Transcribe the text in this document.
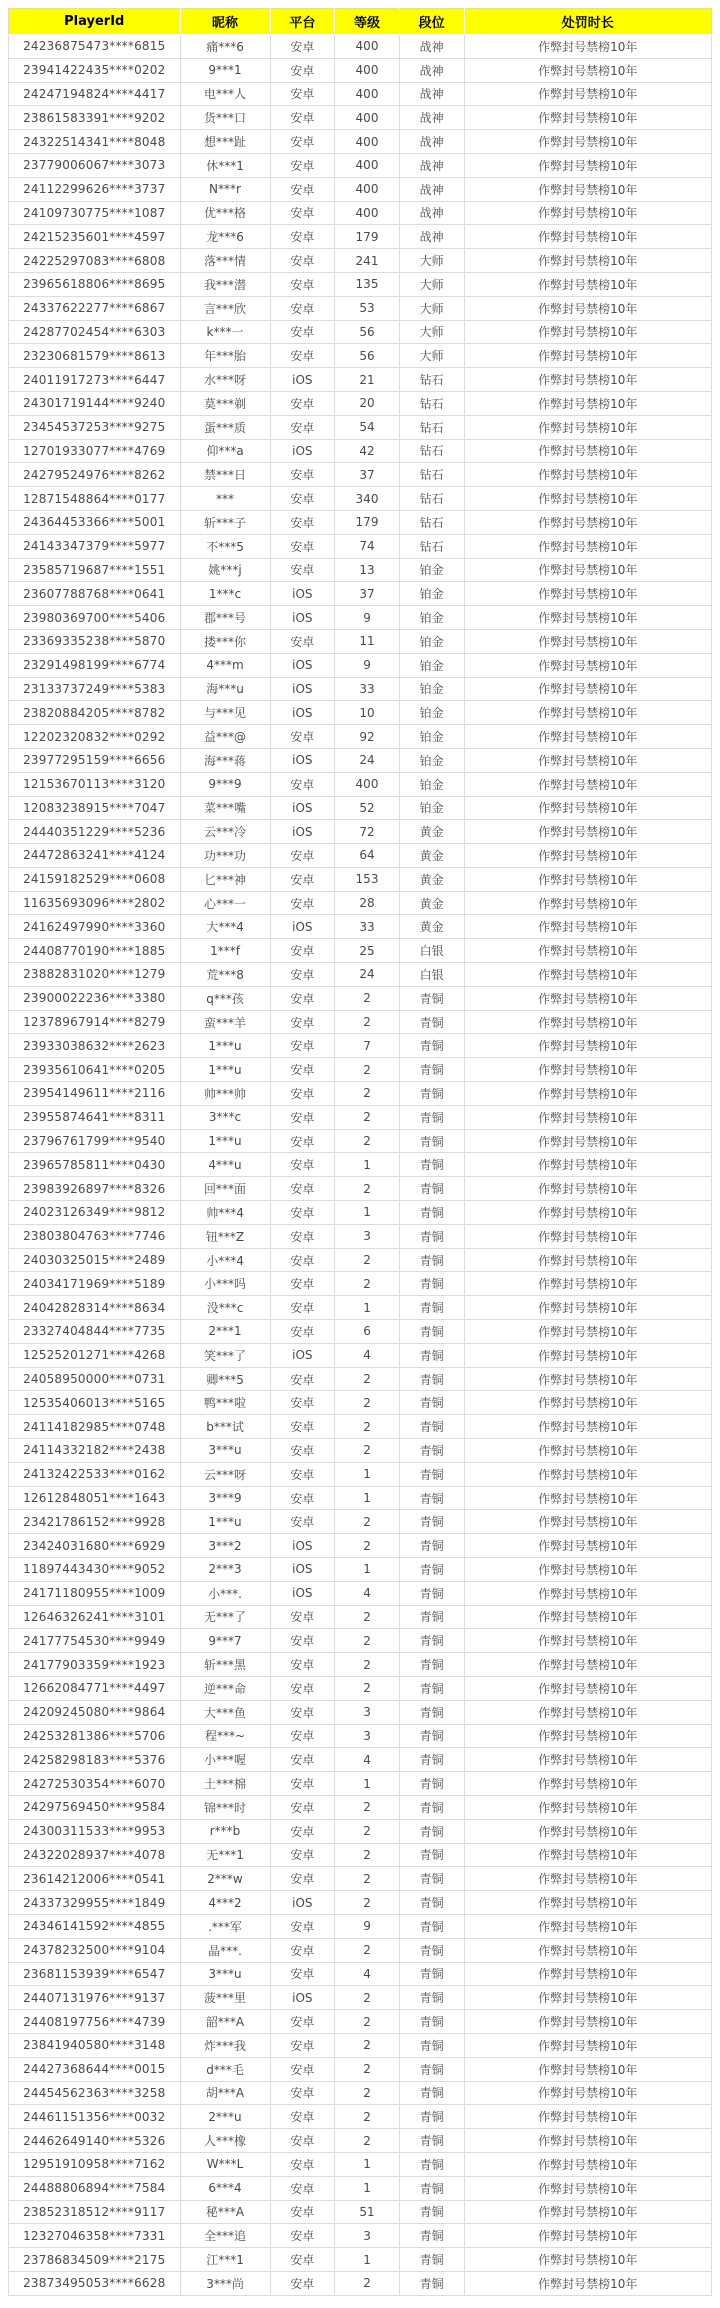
PlayerId	昵称	平台	等级	段位	处罚时长
24236875473****6815	痛***6	安卓	400	战神	作弊封号禁榜10年
23941422435****0202	9***1	安卓	400	战神	作弊封号禁榜10年
24247194824****4417	电***人	安卓	400	战神	作弊封号禁榜10年
23861583391****9202	货***口	安卓	400	战神	作弊封号禁榜10年
24322514341****8048	想***趾	安卓	400	战神	作弊封号禁榜10年
23779006067****3073	休***1	安卓	400	战神	作弊封号禁榜10年
24112299626****3737	N***r	安卓	400	战神	作弊封号禁榜10年
24109730775****1087	优***格	安卓	400	战神	作弊封号禁榜10年
24215235601****4597	龙***6	安卓	179	战神	作弊封号禁榜10年
24225297083****6808	落***情	安卓	241	大师	作弊封号禁榜10年
23965618806****8695	我***潜	安卓	135	大师	作弊封号禁榜10年
24337622277****6867	言***欣	安卓	53	大师	作弊封号禁榜10年
24287702454****6303	k***一	安卓	56	大师	作弊封号禁榜10年
23230681579****8613	年***胎	安卓	56	大师	作弊封号禁榜10年
24011917273****6447	水***呀	iOS	21	钻石	作弊封号禁榜10年
24301719144****9240	莫***剃	安卓	20	钻石	作弊封号禁榜10年
23454537253****9275	蛋***质	安卓	54	钻石	作弊封号禁榜10年
12701933077****4769	仰***a	iOS	42	钻石	作弊封号禁榜10年
24279524976****8262	禁***日	安卓	37	钻石	作弊封号禁榜10年
12871548864****0177	***	安卓	340	钻石	作弊封号禁榜10年
24364453366****5001	斩***子	安卓	179	钻石	作弊封号禁榜10年
24143347379****5977	不***5	安卓	74	钻石	作弊封号禁榜10年
23585719687****1551	姚***j	安卓	13	铂金	作弊封号禁榜10年
23607788768****0641	1***c	iOS	37	铂金	作弊封号禁榜10年
23980369700****5406	郡***号	iOS	9	铂金	作弊封号禁榜10年
23369335238****5870	搂***你	安卓	11	铂金	作弊封号禁榜10年
23291498199****6774	4***m	iOS	9	铂金	作弊封号禁榜10年
23133737249****5383	海***u	iOS	33	铂金	作弊封号禁榜10年
23820884205****8782	与***见	iOS	10	铂金	作弊封号禁榜10年
12202320832****0292	益***@	安卓	92	铂金	作弊封号禁榜10年
23977295159****6656	海***蒋	iOS	24	铂金	作弊封号禁榜10年
12153670113****3120	9***9	安卓	400	铂金	作弊封号禁榜10年
12083238915****7047	菜***嘴	iOS	52	铂金	作弊封号禁榜10年
24440351229****5236	云***冷	iOS	72	黄金	作弊封号禁榜10年
24472863241****4124	功***功	安卓	64	黄金	作弊封号禁榜10年
24159182529****0608	匕***神	安卓	153	黄金	作弊封号禁榜10年
11635693096****2802	心***一	安卓	28	黄金	作弊封号禁榜10年
24162497990****3360	大***4	iOS	33	黄金	作弊封号禁榜10年
24408770190****1885	1***f	安卓	25	白银	作弊封号禁榜10年
23882831020****1279	荒***8	安卓	24	白银	作弊封号禁榜10年
23900022236****3380	q***孩	安卓	2	青铜	作弊封号禁榜10年
12378967914****8279	蛮***羊	安卓	2	青铜	作弊封号禁榜10年
23933038632****2623	1***u	安卓	7	青铜	作弊封号禁榜10年
23935610641****0205	1***u	安卓	2	青铜	作弊封号禁榜10年
23954149611****2116	帅***帅	安卓	2	青铜	作弊封号禁榜10年
23955874641****8311	3***c	安卓	2	青铜	作弊封号禁榜10年
23796761799****9540	1***u	安卓	2	青铜	作弊封号禁榜10年
23965785811****0430	4***u	安卓	1	青铜	作弊封号禁榜10年
23983926897****8326	回***面	安卓	2	青铜	作弊封号禁榜10年
24023126349****9812	帅***4	安卓	1	青铜	作弊封号禁榜10年
23803804763****7746	钮***Z	安卓	3	青铜	作弊封号禁榜10年
24030325015****2489	小***4	安卓	2	青铜	作弊封号禁榜10年
24034171969****5189	小***吗	安卓	2	青铜	作弊封号禁榜10年
24042828314****8634	没***c	安卓	1	青铜	作弊封号禁榜10年
23327404844****7735	2***1	安卓	6	青铜	作弊封号禁榜10年
12525201271****4268	笑***了	iOS	4	青铜	作弊封号禁榜10年
24058950000****0731	卿***5	安卓	2	青铜	作弊封号禁榜10年
12535406013****5165	鸭***啦	安卓	2	青铜	作弊封号禁榜10年
24114182985****0748	b***试	安卓	2	青铜	作弊封号禁榜10年
24114332182****2438	3***u	安卓	2	青铜	作弊封号禁榜10年
24132422533****0162	云***呀	安卓	1	青铜	作弊封号禁榜10年
12612848051****1643	3***9	安卓	1	青铜	作弊封号禁榜10年
23421786152****9928	1***u	安卓	2	青铜	作弊封号禁榜10年
23424031680****6929	3***2	iOS	2	青铜	作弊封号禁榜10年
11897443430****9052	2***3	iOS	1	青铜	作弊封号禁榜10年
24171180955****1009	小***.	iOS	4	青铜	作弊封号禁榜10年
12646326241****3101	无***了	安卓	2	青铜	作弊封号禁榜10年
24177754530****9949	9***7	安卓	2	青铜	作弊封号禁榜10年
24177903359****1923	斩***黑	安卓	2	青铜	作弊封号禁榜10年
12662084771****4497	逆***命	安卓	2	青铜	作弊封号禁榜10年
24209245080****9864	大***鱼	安卓	3	青铜	作弊封号禁榜10年
24253281386****5706	程***~	安卓	3	青铜	作弊封号禁榜10年
24258298183****5376	小***喔	安卓	4	青铜	作弊封号禁榜10年
24272530354****6070	土***棉	安卓	1	青铜	作弊封号禁榜10年
24297569450****9584	锦***时	安卓	2	青铜	作弊封号禁榜10年
24300311533****9953	r***b	安卓	2	青铜	作弊封号禁榜10年
24322028937****4078	无***1	安卓	2	青铜	作弊封号禁榜10年
23614212006****0541	2***w	安卓	2	青铜	作弊封号禁榜10年
24337329955****1849	4***2	iOS	2	青铜	作弊封号禁榜10年
24346141592****4855	.***军	安卓	9	青铜	作弊封号禁榜10年
24378232500****9104	晶***.	安卓	2	青铜	作弊封号禁榜10年
23681153939****6547	3***u	安卓	4	青铜	作弊封号禁榜10年
24407131976****9137	菠***里	iOS	2	青铜	作弊封号禁榜10年
24408197756****4739	韶***A	安卓	2	青铜	作弊封号禁榜10年
23841940580****3148	炸***我	安卓	2	青铜	作弊封号禁榜10年
24427368644****0015	d***毛	安卓	2	青铜	作弊封号禁榜10年
24454562363****3258	胡***A	安卓	2	青铜	作弊封号禁榜10年
24461151356****0032	2***u	安卓	2	青铜	作弊封号禁榜10年
24462649140****5326	人***橡	安卓	2	青铜	作弊封号禁榜10年
12951910958****7162	W***L	安卓	1	青铜	作弊封号禁榜10年
24488806894****7584	6***4	安卓	1	青铜	作弊封号禁榜10年
23852318512****9117	秘***A	安卓	51	青铜	作弊封号禁榜10年
12327046358****7331	全***追	安卓	3	青铜	作弊封号禁榜10年
23786834509****2175	江***1	安卓	1	青铜	作弊封号禁榜10年
23873495053****6628	3***尚	安卓	2	青铜	作弊封号禁榜10年
